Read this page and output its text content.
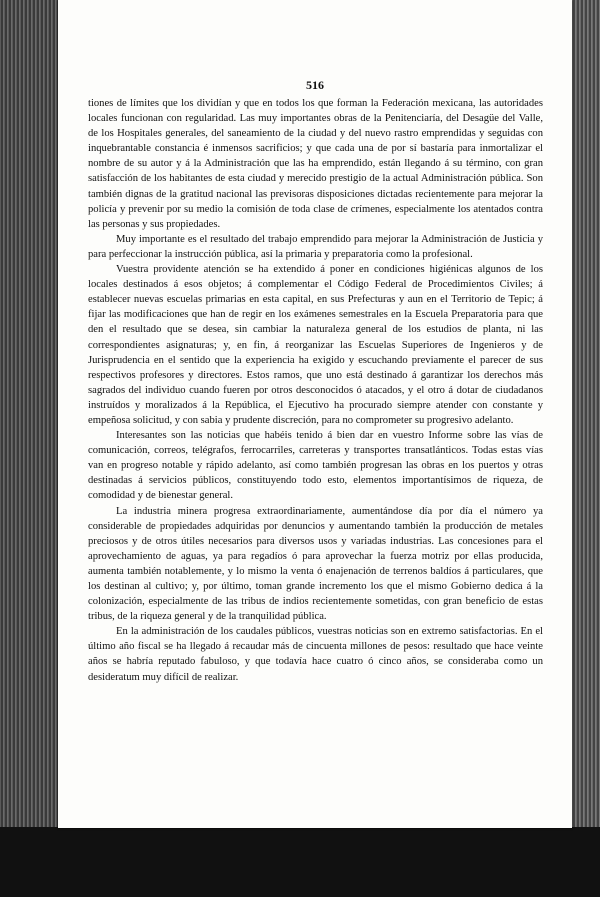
516

tiones de límites que los dividían y que en todos los que forman la Federación mexicana, las autoridades locales funcionan con regularidad. Las muy importantes obras de la Penitenciaría, del Desagüe del Valle, de los Hospitales generales, del saneamiento de la ciudad y del nuevo rastro emprendidas y seguidas con inquebrantable constancia é inmensos sacrificios; y que cada una de por sí bastaría para inmortalizar el nombre de su autor y á la Administración que las ha emprendido, están llegando á su término, con gran satisfacción de los habitantes de esta ciudad y merecido prestigio de la actual Administración pública. Son también dignas de la gratitud nacional las previsoras disposiciones dictadas recientemente para mejorar la policía y prevenir por su medio la comisión de toda clase de crímenes, especialmente los atentados contra las personas y sus propiedades.

Muy importante es el resultado del trabajo emprendido para mejorar la Administración de Justicia y para perfeccionar la instrucción pública, así la primaria y preparatoria como la profesional.

Vuestra providente atención se ha extendido á poner en condiciones higiénicas algunos de los locales destinados á esos objetos; á complementar el Código Federal de Procedimientos Civiles; á establecer nuevas escuelas primarias en esta capital, en sus Prefecturas y aun en el Territorio de Tepic; á fijar las modificaciones que han de regir en los exámenes semestrales en la Escuela Preparatoria para que den el resultado que se desea, sin cambiar la naturaleza general de los estudios de planta, ni las correspondientes asignaturas; y, en fin, á reorganizar las Escuelas Superiores de Ingenieros y de Jurisprudencia en el sentido que la experiencia ha exigido y escuchando previamente el parecer de sus respectivos profesores y directores. Estos ramos, que uno está destinado á garantizar los derechos más sagrados del individuo cuando fueren por otros desconocidos ó atacados, y el otro á dotar de ciudadanos instruídos y moralizados á la República, el Ejecutivo ha procurado siempre atender con constante y empeñosa solicitud, y con sabia y prudente discreción, para no comprometer su progresivo adelanto.

Interesantes son las noticias que habéis tenido á bien dar en vuestro Informe sobre las vías de comunicación, correos, telégrafos, ferrocarriles, carreteras y transportes transatlánticos. Todas estas vías van en progreso notable y rápido adelanto, así como también progresan las obras en los puertos y otras destinadas á servicios públicos, constituyendo todo esto, elementos importantísimos de riqueza, de comodidad y de bienestar general.

La industria minera progresa extraordinariamente, aumentándose día por día el número ya considerable de propiedades adquiridas por denuncios y aumentando también la producción de metales preciosos y de otros útiles necesarios para diversos usos y variadas industrias. Las concesiones para el aprovechamiento de aguas, ya para regadíos ó para aprovechar la fuerza motriz por ellas producida, aumenta también notablemente, y lo mismo la venta ó enajenación de terrenos baldíos á particulares, que los destinan al cultivo; y, por último, toman grande incremento los que el mismo Gobierno dedica á la colonización, especialmente de las tribus de indios recientemente sometidas, con gran beneficio de estas tribus, de la riqueza general y de la tranquilidad pública.

En la administración de los caudales públicos, vuestras noticias son en extremo satisfactorias. En el último año fiscal se ha llegado á recaudar más de cincuenta millones de pesos: resultado que hace veinte años se habría reputado fabuloso, y que todavía hace cuatro ó cinco años, se consideraba como un desideratum muy difícil de realizar.
